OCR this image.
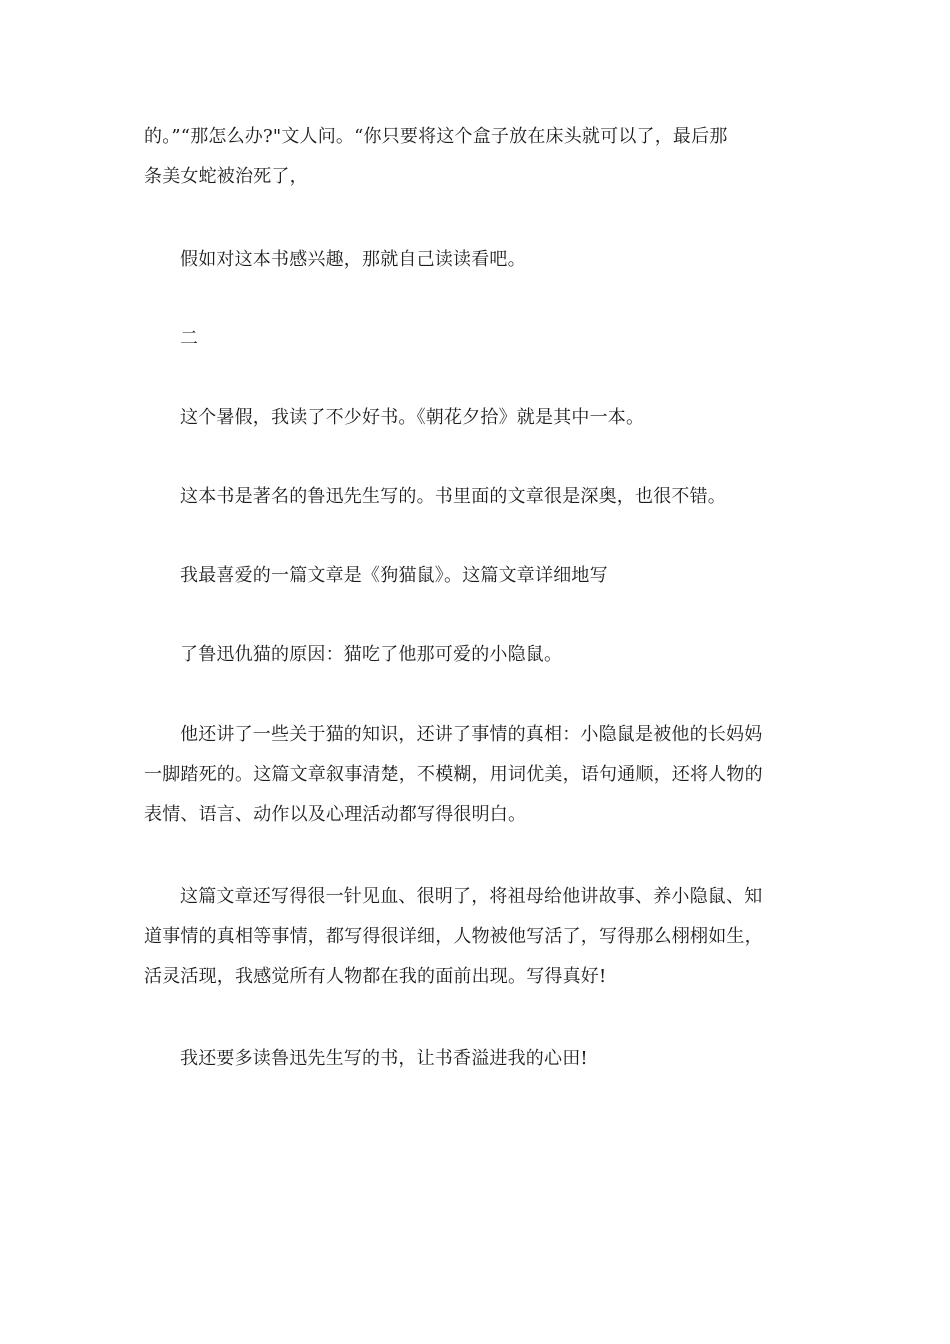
的。”“那怎么办?"文人问。“你只要将这个盒子放在床头就可以了，最后那
条美女蛇被治死了，

假如对这本书感兴趣，那就自己读读看吧。

二

这个暑假，我读了不少好书。《朝花夕拾》就是其中一本。

这本书是著名的鲁迅先生写的。书里面的文章很是深奥，也很不错。

我最喜爱的一篇文章是《狗猫鼠》。这篇文章详细地写

了鲁迅仇猫的原因：猫吃了他那可爱的小隐鼠。

他还讲了一些关于猫的知识，还讲了事情的真相：小隐鼠是被他的长妈妈
一脚踏死的。这篇文章叙事清楚，不模糊，用词优美，语句通顺，还将人物的
表情、语言、动作以及心理活动都写得很明白。

这篇文章还写得很一针见血、很明了，将祖母给他讲故事、养小隐鼠、知
道事情的真相等事情，都写得很详细，人物被他写活了，写得那么栩栩如生，
活灵活现，我感觉所有人物都在我的面前出现。写得真好!

我还要多读鲁迅先生写的书，让书香溢进我的心田!
